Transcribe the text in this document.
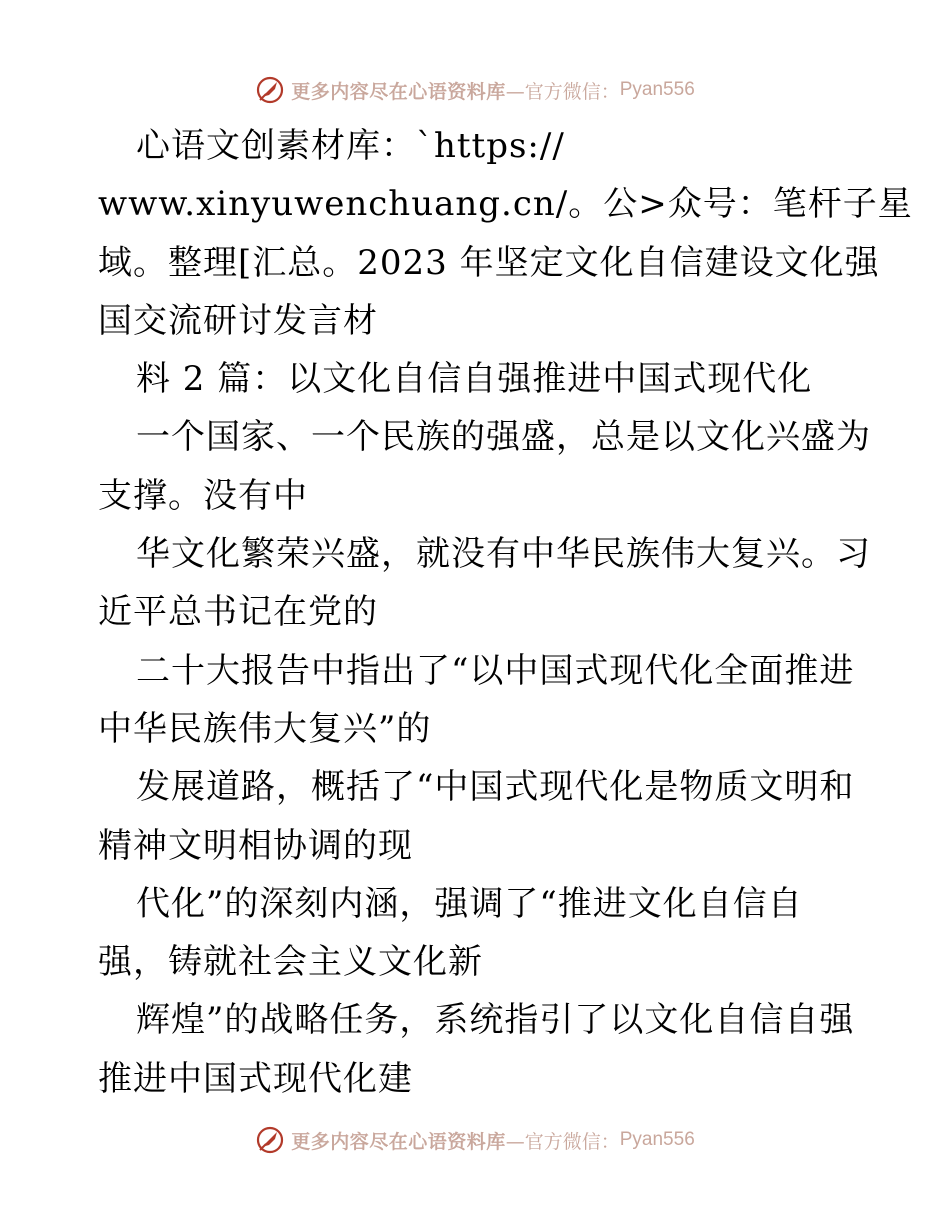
更多内容尽在心语资料库 —官方微信： Pyan556
心语文创素材库：`https://
www.xinyuwenchuang.cn/。公>众号：笔杆子星
域。整理[汇总。2023 年坚定文化自信建设文化强
国交流研讨发言材
料 2 篇：以文化自信自强推进中国式现代化
一个国家、一个民族的强盛，总是以文化兴盛为
支撑。没有中
华文化繁荣兴盛，就没有中华民族伟大复兴。习
近平总书记在党的
二十大报告中指出了“以中国式现代化全面推进
中华民族伟大复兴”的
发展道路，概括了“中国式现代化是物质文明和
精神文明相协调的现
代化”的深刻内涵，强调了“推进文化自信自
强，铸就社会主义文化新
辉煌”的战略任务，系统指引了以文化自信自强
推进中国式现代化建
更多内容尽在心语资料库 —官方微信： Pyan556
